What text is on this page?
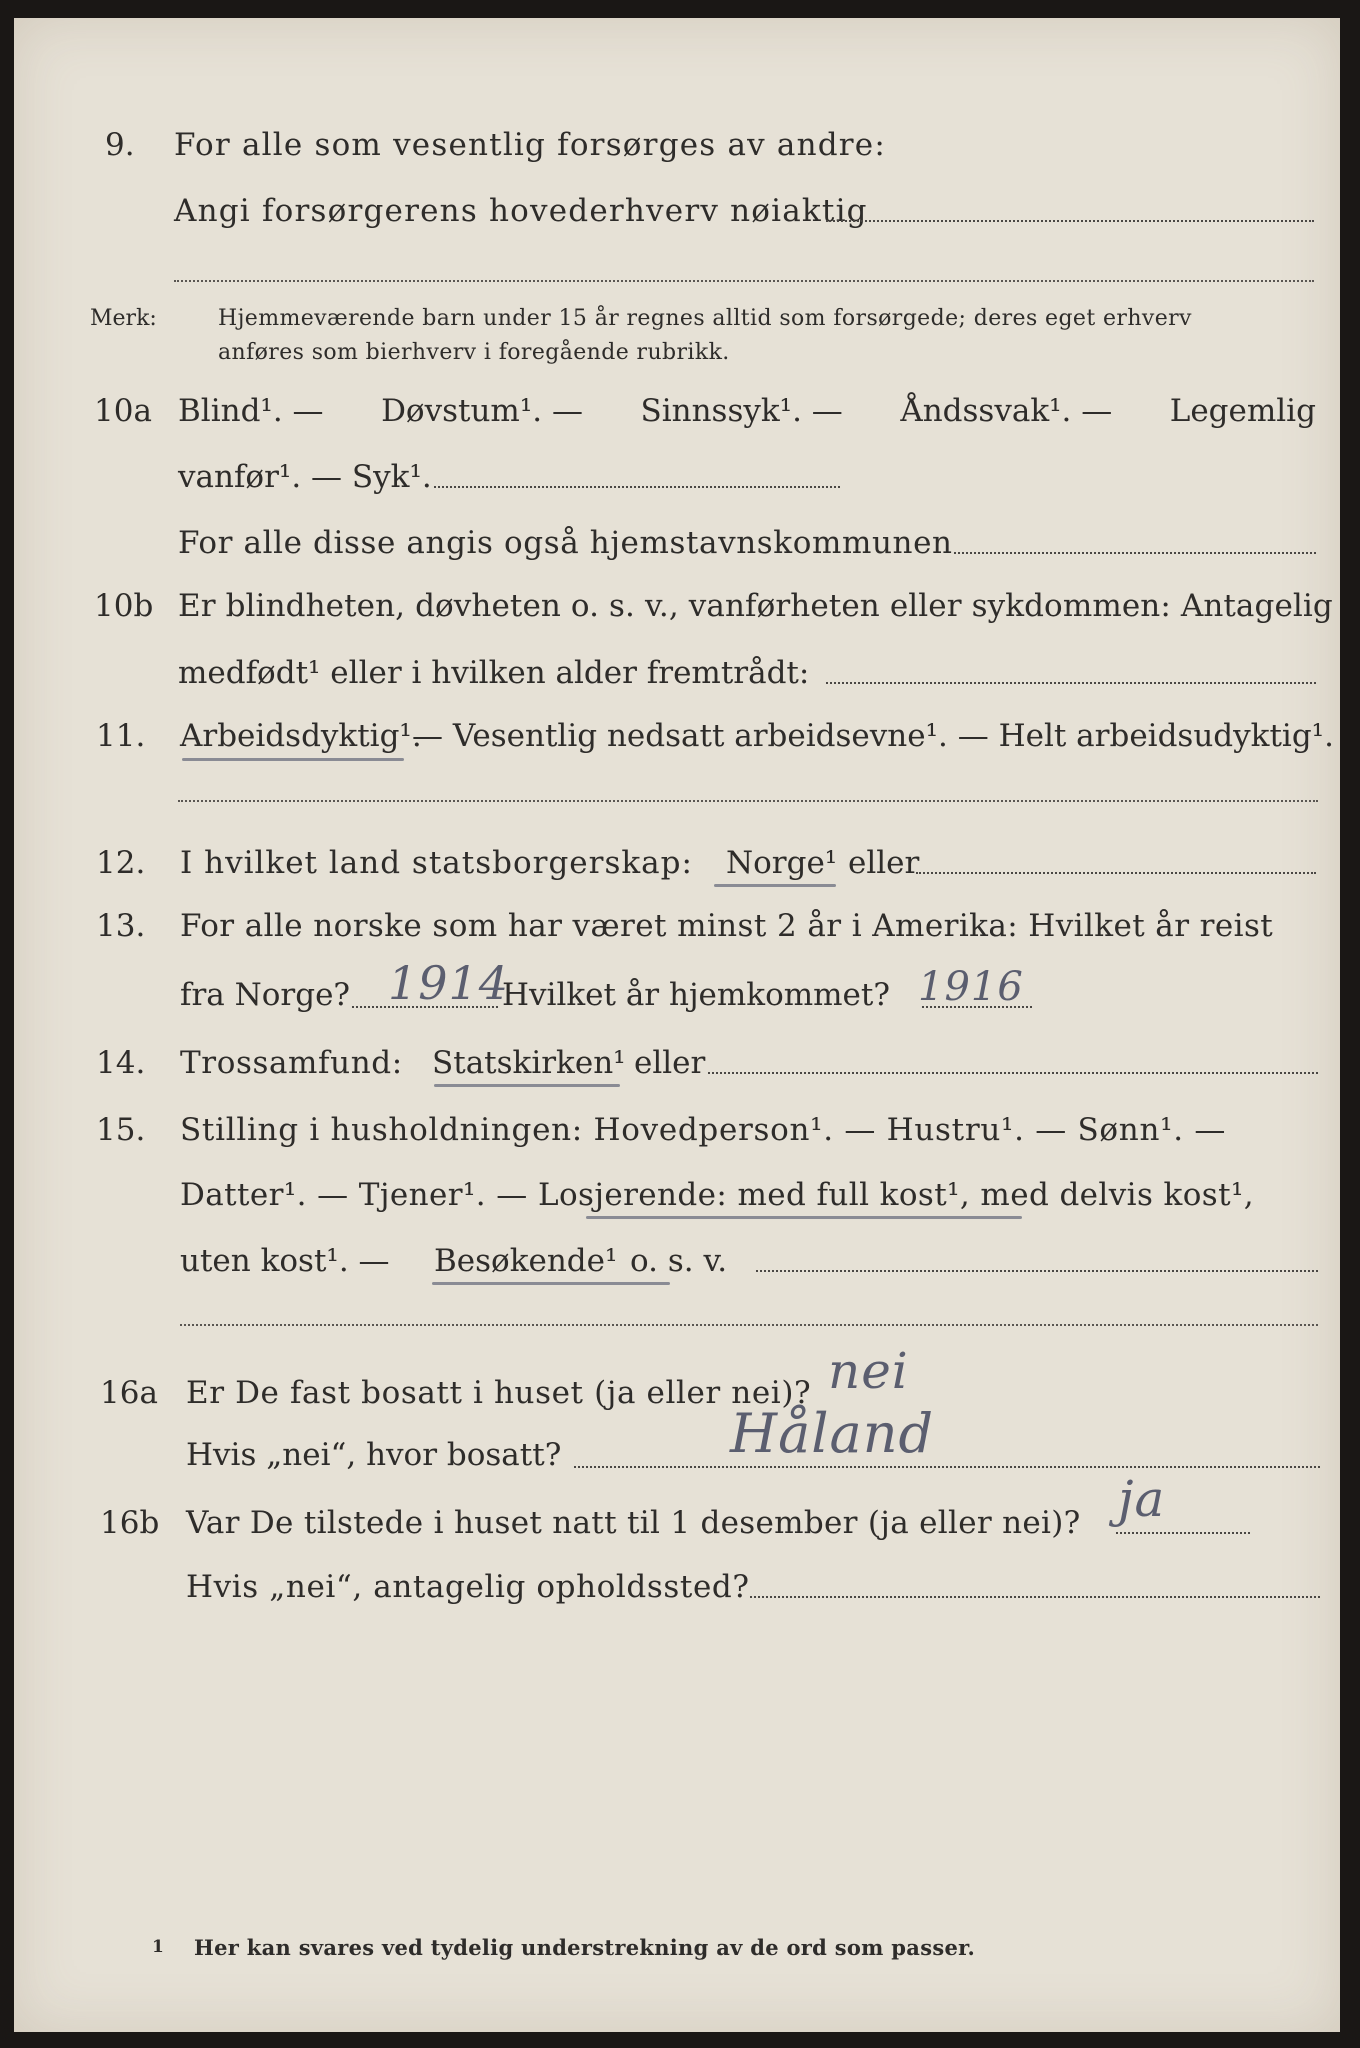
9. For alle som vesentlig forsørges av andre:
Angi forsørgerens hovederhverv nøiaktig
Merk:	Hjemmeværende barn under 15 år regnes alltid som forsørgede; deres eget erhverv
anføres som bierhverv i foregående rubrikk.
10a Blind¹. — Døvstum¹. — Sinnssyk¹. — Åndssvak¹. — Legemlig
vanfør¹. — Syk¹.
For alle disse angis også hjemstavnskommunen
10b Er blindheten, døvheten o. s. v., vanførheten eller sykdommen: Antagelig
medfødt¹ eller i hvilken alder fremtrådt:
11. Arbeidsdyktig¹.
— Vesentlig nedsatt arbeidsevne¹. — Helt arbeidsudyktig¹.
12. I hvilket land statsborgerskap: Norge¹ eller
13. For alle norske som har været minst 2 år i Amerika: Hvilket år reist
fra Norge?	Hvilket år hjemkommet?
1914	1916
14. Trossamfund: Statskirken¹ eller
15. Stilling i husholdningen: Hovedperson¹. — Hustru¹. — Sønn¹. —
Datter¹. — Tjener¹. — Losjerende: med full kost¹, med delvis kost¹,
uten kost¹. — Besøkende¹ o. s. v.
16a Er De fast bosatt i huset (ja eller nei)? nei
Hvis „nei“, hvor bosatt?	Håland
16b Var De tilstede i huset natt til 1 desember (ja eller nei)? ja
Hvis „nei“, antagelig opholdssted?
1 Her kan svares ved tydelig understrekning av de ord som passer.
